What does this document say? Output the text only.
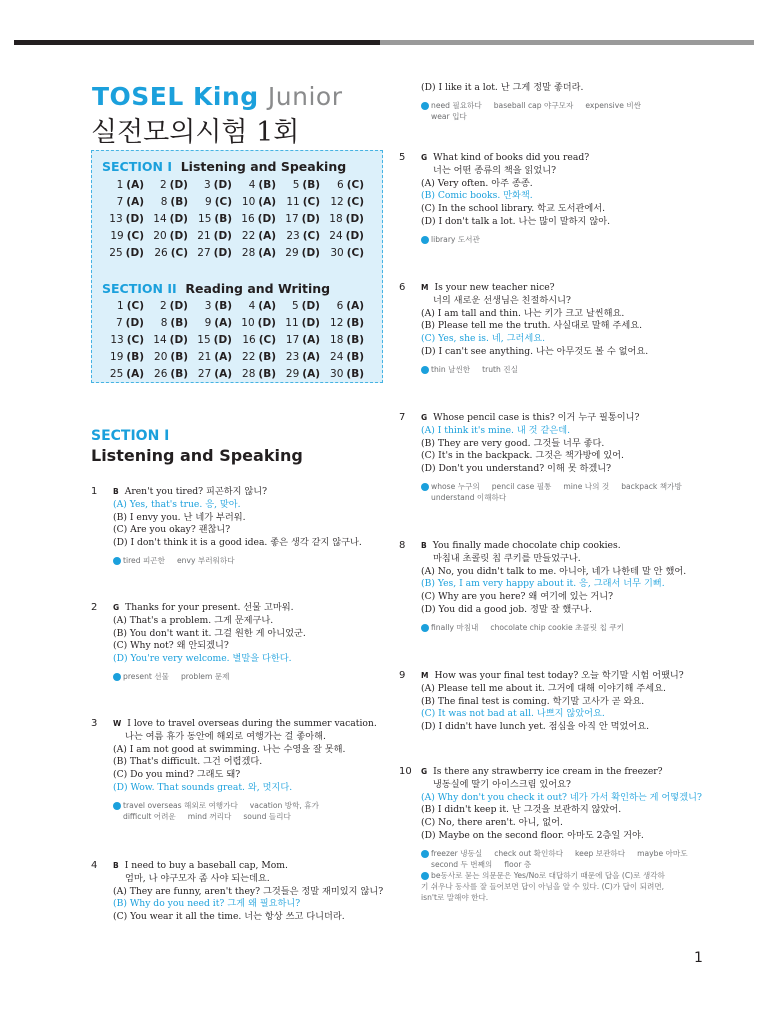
TOSEL King Junior
실전모의시험 1회
SECTION I Listening and Speaking
1 (A)	2 (D)	3 (D)	4 (B)	5 (B)	6 (C)
7 (A)	8 (B)	9 (C) 10 (A) 11 (C) 12 (C)
13 (D) 14 (D) 15 (B) 16 (D) 17 (D) 18 (D)
19 (C) 20 (D) 21 (D) 22 (A) 23 (C) 24 (D)
25 (D) 26 (C) 27 (D) 28 (A) 29 (D) 30 (C)
SECTION II Reading and Writing
1 (C)	2 (D)	3 (B)	4 (A)	5 (D)	6 (A)
7 (D)	8 (B)	9 (A) 10 (D) 11 (D) 12 (B)
13 (C) 14 (D) 15 (D) 16 (C) 17 (A) 18 (B)
19 (B) 20 (B) 21 (A) 22 (B) 23 (A) 24 (B)
25 (A) 26 (B) 27 (A) 28 (B) 29 (A) 30 (B)
SECTION I
Listening and Speaking
1 B Aren't you tired? 피곤하지 않니?
(A) Yes, that's true. 응, 맞아.
(B) I envy you. 난 네가 부러워.
(C) Are you okay? 괜찮니?
(D) I don't think it is a good idea. 좋은 생각 같지 않구나.
tired 피곤한 envy 부러워하다
2 G Thanks for your present. 선물 고마워.
(A) That's a problem. 그게 문제구나.
(B) You don't want it. 그걸 원한 게 아니었군.
(C) Why not? 왜 안되겠니?
(D) You're very welcome. 별말을 다한다.
present 선물 problem 문제
3 W I love to travel overseas during the summer vacation.
나는 여름 휴가 동안에 해외로 여행가는 걸 좋아해.
(A) I am not good at swimming. 나는 수영을 잘 못해.
(B) That's difficult. 그건 어렵겠다.
(C) Do you mind? 그래도 돼?
(D) Wow. That sounds great. 와, 멋지다.
travel overseas 해외로 여행가다 vacation 방학, 휴가
difficult 어려운 mind 꺼리다 sound 들리다
4 B I need to buy a baseball cap, Mom.
엄마, 나 야구모자 좀 사야 되는데요.
(A) They are funny, aren't they? 그것들은 정말 재미있지 않니?
(B) Why do you need it? 그게 왜 필요하니?
(C) You wear it all the time. 너는 항상 쓰고 다니더라.
(D) I like it a lot. 난 그게 정말 좋더라.
need 필요하다 baseball cap 야구모자 expensive 비싼
wear 입다
5 G What kind of books did you read?
너는 어떤 종류의 책을 읽었니?
(A) Very often. 아주 종종.
(B) Comic books. 만화책.
(C) In the school library. 학교 도서관에서.
(D) I don't talk a lot. 나는 많이 말하지 않아.
library 도서관
6 M Is your new teacher nice?
너의 새로운 선생님은 친절하시니?
(A) I am tall and thin. 나는 키가 크고 날씬해요.
(B) Please tell me the truth. 사실대로 말해 주세요.
(C) Yes, she is. 네, 그러세요.
(D) I can't see anything. 나는 아무것도 볼 수 없어요.
thin 날씬한 truth 진실
7 G Whose pencil case is this? 이거 누구 필통이니?
(A) I think it's mine. 내 것 같은데.
(B) They are very good. 그것들 너무 좋다.
(C) It's in the backpack. 그것은 책가방에 있어.
(D) Don't you understand? 이해 못 하겠니?
whose 누구의 pencil case 필통 mine 나의 것 backpack 책가방
understand 이해하다
8 B You finally made chocolate chip cookies.
마침내 초콜릿 칩 쿠키를 만들었구나.
(A) No, you didn't talk to me. 아니야, 네가 나한테 말 안 했어.
(B) Yes, I am very happy about it. 응, 그래서 너무 기뻐.
(C) Why are you here? 왜 여기에 있는 거니?
(D) You did a good job. 정말 잘 했구나.
finally 마침내 chocolate chip cookie 초콜릿 칩 쿠키
9 M How was your final test today? 오늘 학기말 시험 어땠니?
(A) Please tell me about it. 그거에 대해 이야기해 주세요.
(B) The final test is coming. 학기말 고사가 곧 와요.
(C) It was not bad at all. 나쁘지 않았어요.
(D) I didn't have lunch yet. 점심을 아직 안 먹었어요.
10 G Is there any strawberry ice cream in the freezer?
냉동실에 딸기 아이스크림 있어요?
(A) Why don't you check it out? 네가 가서 확인하는 게 어떻겠니?
(B) I didn't keep it. 난 그것을 보관하지 않았어.
(C) No, there aren't. 아니, 없어.
(D) Maybe on the second floor. 아마도 2층일 거야.
freezer 냉동실 check out 확인하다 keep 보관하다 maybe 아마도
second 두 번째의 floor 층
be동사로 묻는 의문문은 Yes/No로 대답하기 때문에 답을 (C)로 생각하기 쉬우나 동사를 잘 들어보면 답이 아님을 알 수 있다. (C)가 답이 되려면, isn't로 말해야 한다.
1
